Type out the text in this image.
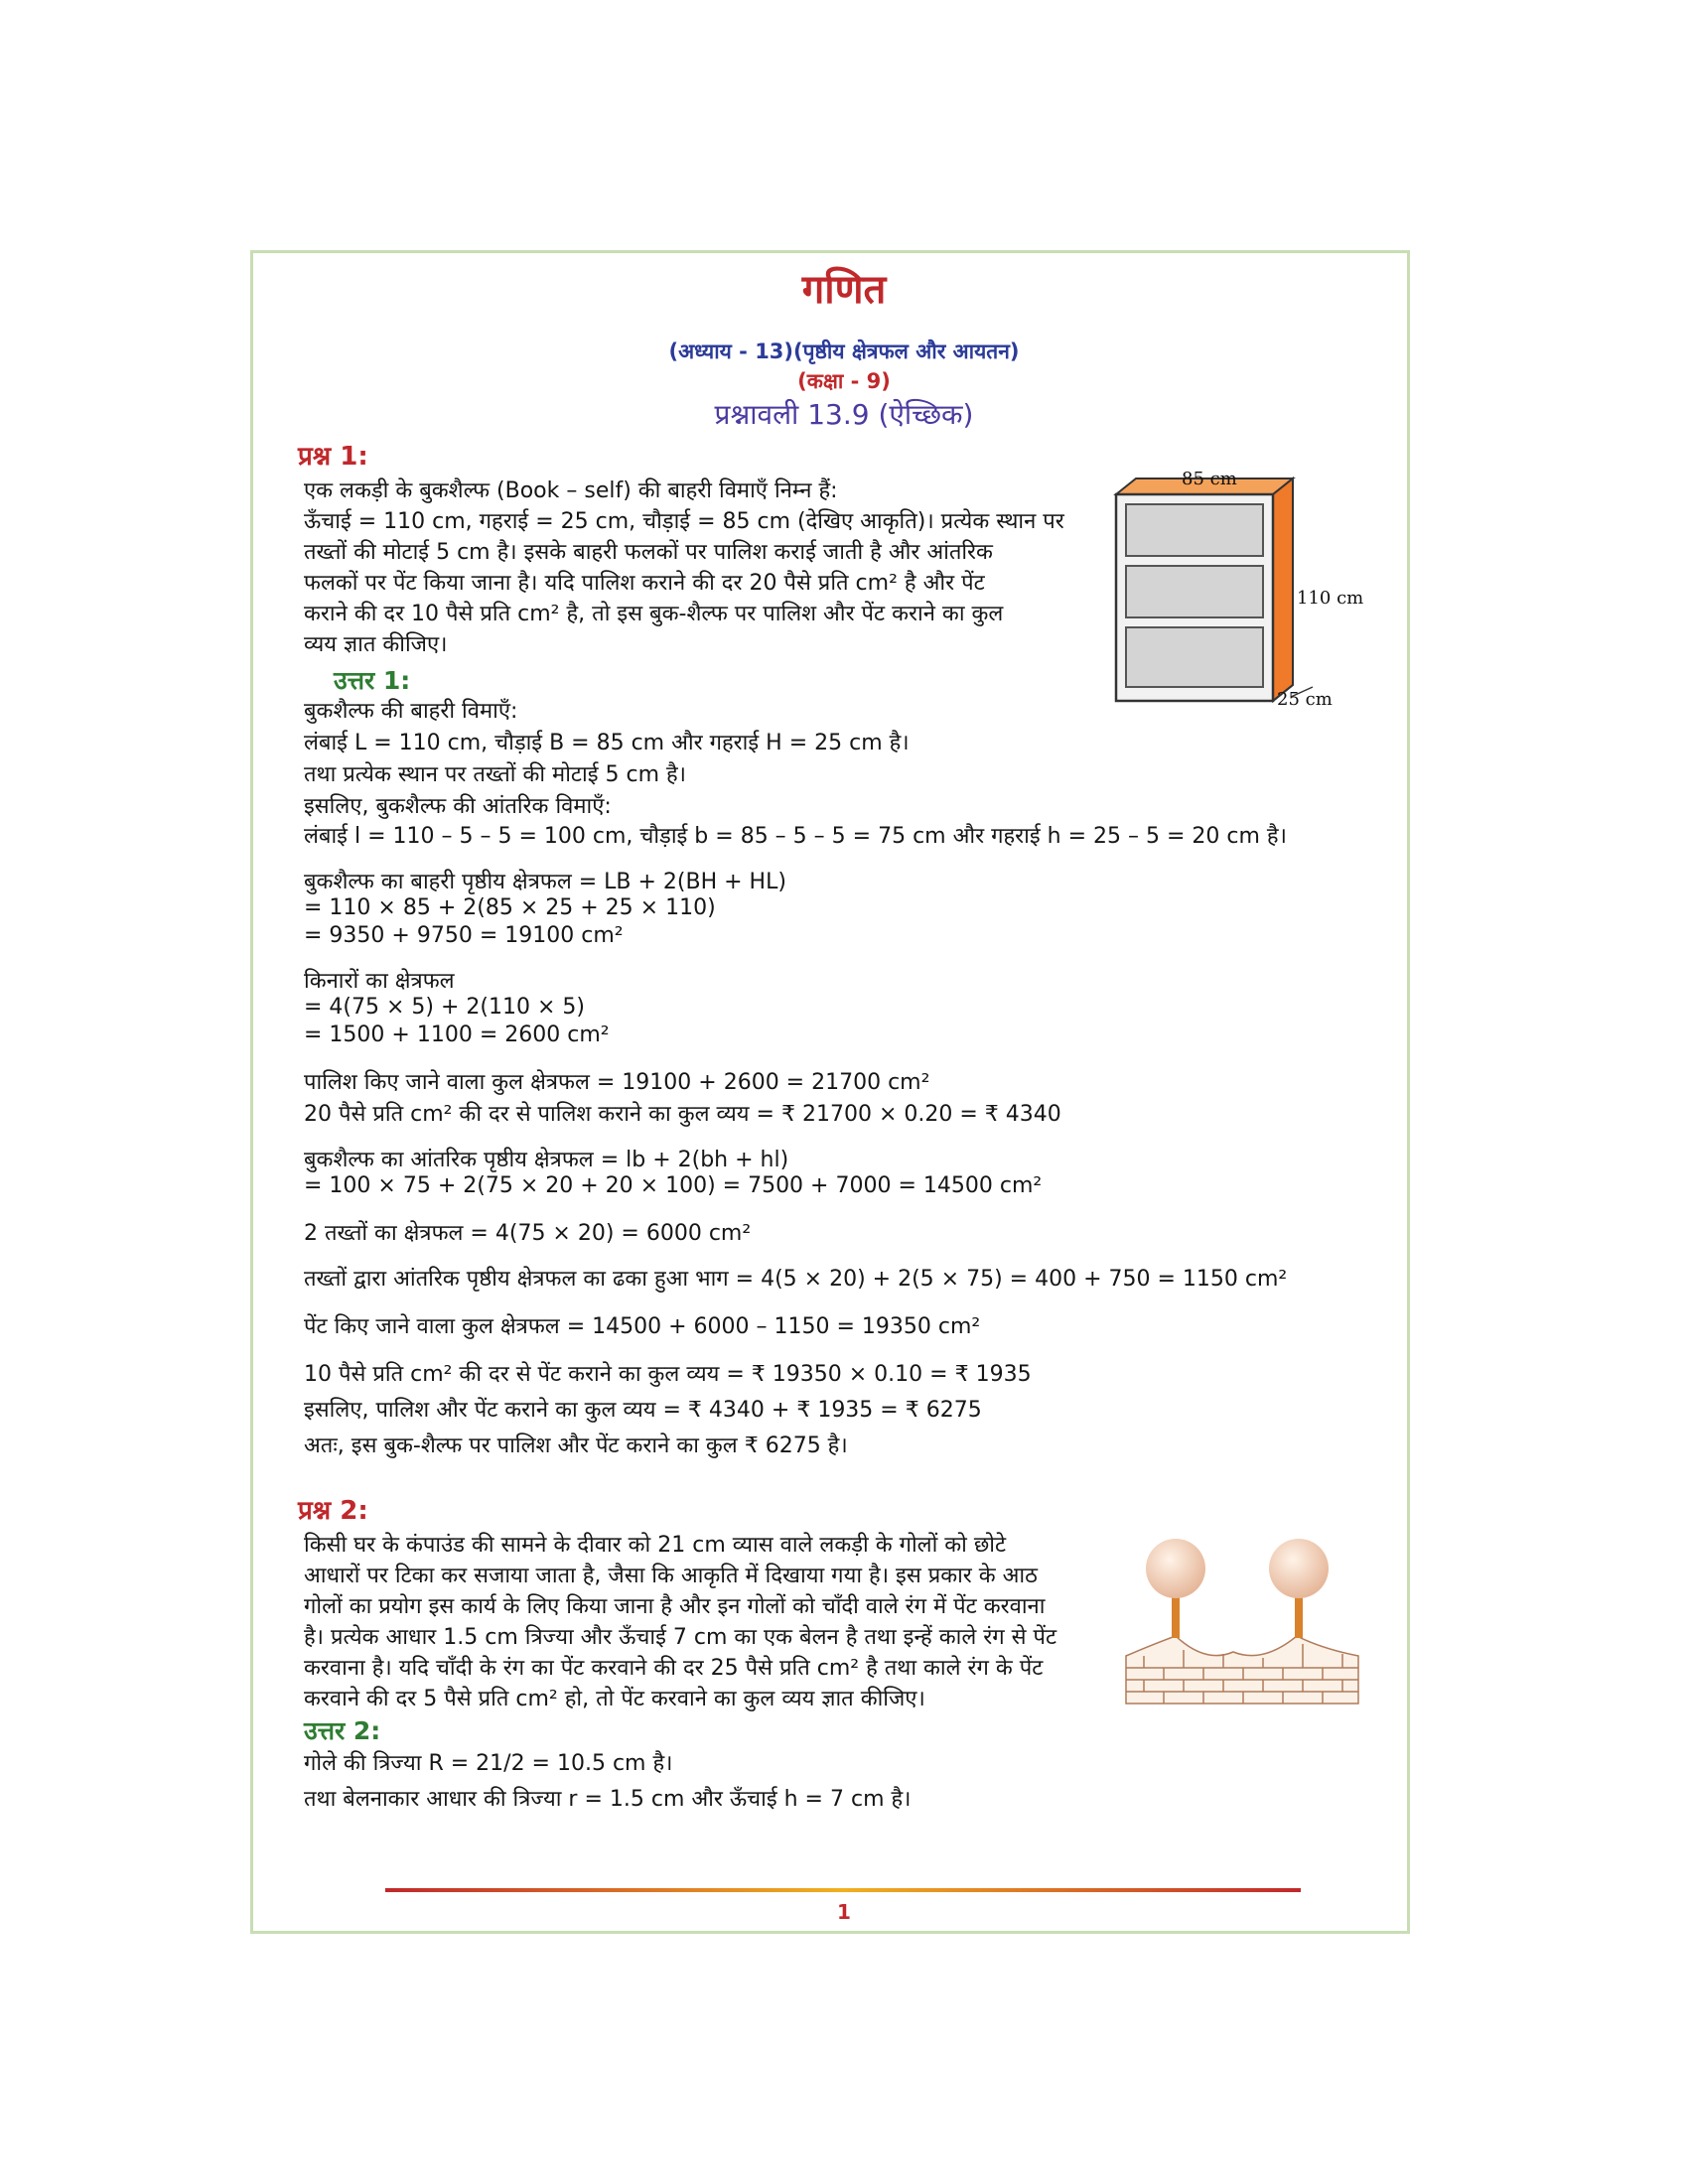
गणित
(अध्याय - 13)(पृष्ठीय क्षेत्रफल और आयतन)
(कक्षा - 9)
प्रश्नावली 13.9 (ऐच्छिक)
प्रश्न 1:
एक लकड़ी के बुकशैल्फ (Book – self) की बाहरी विमाएँ निम्न हैं:
ऊँचाई = 110 cm, गहराई = 25 cm, चौड़ाई = 85 cm (देखिए आकृति)। प्रत्येक स्थान पर
तख्तों की मोटाई 5 cm है। इसके बाहरी फलकों पर पालिश कराई जाती है और आंतरिक
फलकों पर पेंट किया जाना है। यदि पालिश कराने की दर 20 पैसे प्रति cm² है और पेंट
कराने की दर 10 पैसे प्रति cm² है, तो इस बुक-शैल्फ पर पालिश और पेंट कराने का कुल
व्यय ज्ञात कीजिए।
85 cm
110 cm
25 cm
उत्तर 1:
बुकशैल्फ की बाहरी विमाएँ:
लंबाई L = 110 cm, चौड़ाई B = 85 cm और गहराई H = 25 cm है।
तथा प्रत्येक स्थान पर तख्तों की मोटाई 5 cm है।
इसलिए, बुकशैल्फ की आंतरिक विमाएँ:
लंबाई l = 110 – 5 – 5 = 100 cm, चौड़ाई b = 85 – 5 – 5 = 75 cm और गहराई h = 25 – 5 = 20 cm है।
बुकशैल्फ का बाहरी पृष्ठीय क्षेत्रफल = LB + 2(BH + HL)
= 110 × 85 + 2(85 × 25 + 25 × 110)
= 9350 + 9750 = 19100 cm²
किनारों का क्षेत्रफल
= 4(75 × 5) + 2(110 × 5)
= 1500 + 1100 = 2600 cm²
पालिश किए जाने वाला कुल क्षेत्रफल = 19100 + 2600 = 21700 cm²
20 पैसे प्रति cm² की दर से पालिश कराने का कुल व्यय = ₹ 21700 × 0.20 = ₹ 4340
बुकशैल्फ का आंतरिक पृष्ठीय क्षेत्रफल = lb + 2(bh + hl)
= 100 × 75 + 2(75 × 20 + 20 × 100) = 7500 + 7000 = 14500 cm²
2 तख्तों का क्षेत्रफल = 4(75 × 20) = 6000 cm²
तख्तों द्वारा आंतरिक पृष्ठीय क्षेत्रफल का ढका हुआ भाग = 4(5 × 20) + 2(5 × 75) = 400 + 750 = 1150 cm²
पेंट किए जाने वाला कुल क्षेत्रफल = 14500 + 6000 – 1150 = 19350 cm²
10 पैसे प्रति cm² की दर से पेंट कराने का कुल व्यय = ₹ 19350 × 0.10 = ₹ 1935
इसलिए, पालिश और पेंट कराने का कुल व्यय = ₹ 4340 + ₹ 1935 = ₹ 6275
अतः, इस बुक-शैल्फ पर पालिश और पेंट कराने का कुल ₹ 6275 है।
प्रश्न 2:
किसी घर के कंपाउंड की सामने के दीवार को 21 cm व्यास वाले लकड़ी के गोलों को छोटे
आधारों पर टिका कर सजाया जाता है, जैसा कि आकृति में दिखाया गया है। इस प्रकार के आठ
गोलों का प्रयोग इस कार्य के लिए किया जाना है और इन गोलों को चाँदी वाले रंग में पेंट करवाना
है। प्रत्येक आधार 1.5 cm त्रिज्या और ऊँचाई 7 cm का एक बेलन है तथा इन्हें काले रंग से पेंट
करवाना है। यदि चाँदी के रंग का पेंट करवाने की दर 25 पैसे प्रति cm² है तथा काले रंग के पेंट
करवाने की दर 5 पैसे प्रति cm² हो, तो पेंट करवाने का कुल व्यय ज्ञात कीजिए।
उत्तर 2:
गोले की त्रिज्या R = 21/2 = 10.5 cm है।
तथा बेलनाकार आधार की त्रिज्या r = 1.5 cm और ऊँचाई h = 7 cm है।
1
